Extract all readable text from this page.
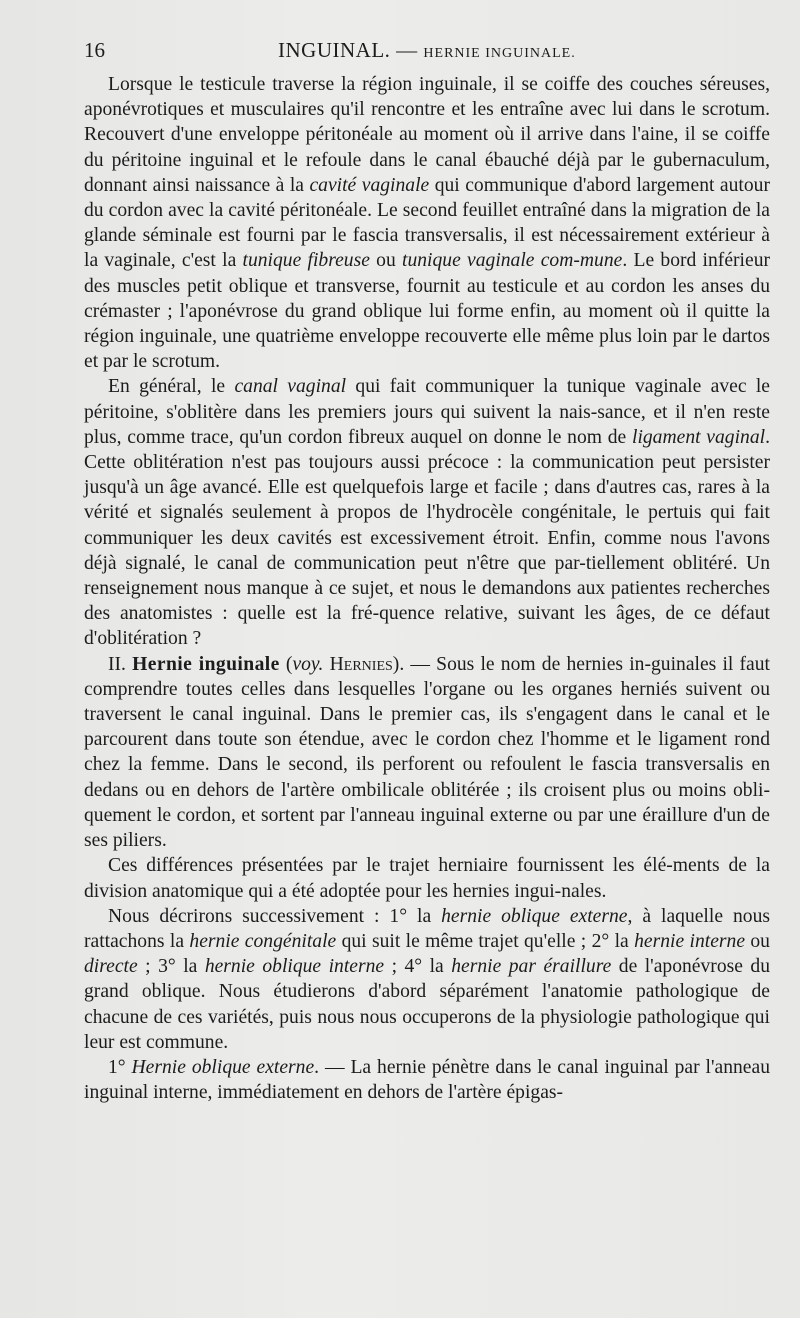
16	INGUINAL. — HERNIE INGUINALE.

Lorsque le testicule traverse la région inguinale, il se coiffe des couches séreuses, aponévrotiques et musculaires qu'il rencontre et les entraîne avec lui dans le scrotum. Recouvert d'une enveloppe péritonéale au moment où il arrive dans l'aine, il se coiffe du péritoine inguinal et le refoule dans le canal ébauché déjà par le gubernaculum, donnant ainsi naissance à la cavité vaginale qui communique d'abord largement autour du cordon avec la cavité péritonéale. Le second feuillet entraîné dans la migration de la glande séminale est fourni par le fascia transversalis, il est nécessairement extérieur à la vaginale, c'est la tunique fibreuse ou tunique vaginale com-mune. Le bord inférieur des muscles petit oblique et transverse, fournit au testicule et au cordon les anses du crémaster ; l'aponévrose du grand oblique lui forme enfin, au moment où il quitte la région inguinale, une quatrième enveloppe recouverte elle même plus loin par le dartos et par le scrotum.

En général, le canal vaginal qui fait communiquer la tunique vaginale avec le péritoine, s'oblitère dans les premiers jours qui suivent la nais-sance, et il n'en reste plus, comme trace, qu'un cordon fibreux auquel on donne le nom de ligament vaginal. Cette oblitération n'est pas toujours aussi précoce : la communication peut persister jusqu'à un âge avancé. Elle est quelquefois large et facile ; dans d'autres cas, rares à la vérité et signalés seulement à propos de l'hydrocèle congénitale, le pertuis qui fait communiquer les deux cavités est excessivement étroit. Enfin, comme nous l'avons déjà signalé, le canal de communication peut n'être que par-tiellement oblitéré. Un renseignement nous manque à ce sujet, et nous le demandons aux patientes recherches des anatomistes : quelle est la fré-quence relative, suivant les âges, de ce défaut d'oblitération ?

II. Hernie inguinale (voy. Hernies). — Sous le nom de hernies in-guinales il faut comprendre toutes celles dans lesquelles l'organe ou les organes herniés suivent ou traversent le canal inguinal. Dans le premier cas, ils s'engagent dans le canal et le parcourent dans toute son étendue, avec le cordon chez l'homme et le ligament rond chez la femme. Dans le second, ils perforent ou refoulent le fascia transversalis en dedans ou en dehors de l'artère ombilicale oblitérée ; ils croisent plus ou moins obli-quement le cordon, et sortent par l'anneau inguinal externe ou par une éraillure d'un de ses piliers.

Ces différences présentées par le trajet herniaire fournissent les élé-ments de la division anatomique qui a été adoptée pour les hernies ingui-nales.

Nous décrirons successivement : 1° la hernie oblique externe, à laquelle nous rattachons la hernie congénitale qui suit le même trajet qu'elle ; 2° la hernie interne ou directe ; 3° la hernie oblique interne ; 4° la hernie par éraillure de l'aponévrose du grand oblique. Nous étudierons d'abord séparément l'anatomie pathologique de chacune de ces variétés, puis nous nous occuperons de la physiologie pathologique qui leur est commune.

1° Hernie oblique externe. — La hernie pénètre dans le canal inguinal par l'anneau inguinal interne, immédiatement en dehors de l'artère épigas-
